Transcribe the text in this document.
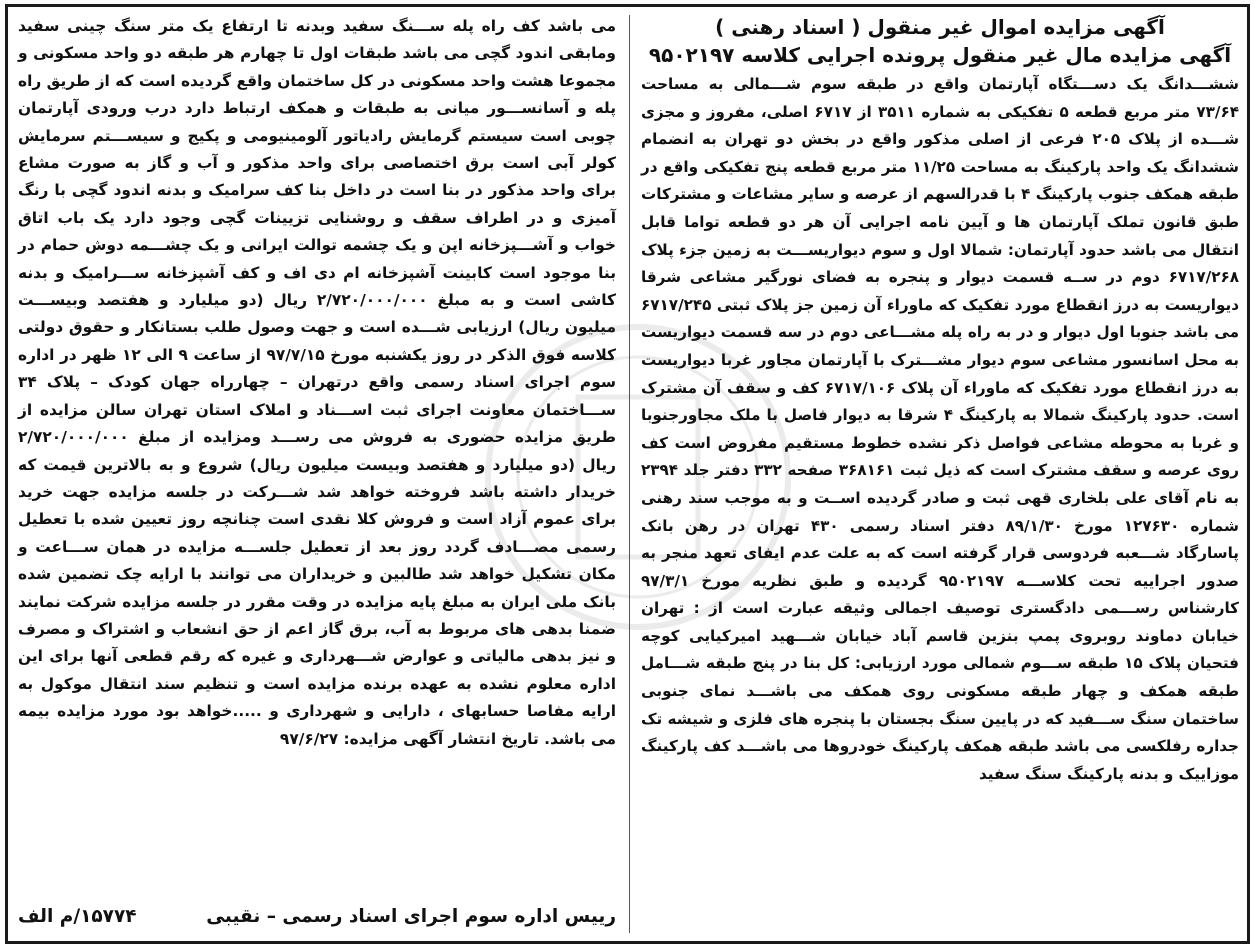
آگهی مزایده اموال غیر منقول ( اسناد رهنی )
آگهی مزایده مال غیر منقول پرونده اجرایی کلاسه ۹۵۰۲۱۹۷

ششـــدانگ یک دســـتگاه آپارتمان واقع در طبقه سوم شـــمالی به مساحت ۷۳/۶۴ متر مربع قطعه ۵ تفکیکی به شماره ۳۵۱۱ از ۶۷۱۷ اصلی، مفروز و مجزی شـــده از پلاک ۲۰۵ فرعی از اصلی مذکور واقع در بخش دو تهران به انضمام ششدانگ یک واحد پارکینگ به مساحت ۱۱/۲۵ متر مربع قطعه پنج تفکیکی واقع در طبقه همکف جنوب پارکینگ ۴ با قدرالسهم از عرصه و سایر مشاعات و مشترکات طبق قانون تملک آپارتمان ها و آیین نامه اجرایی آن هر دو قطعه تواما قابل انتقال می باشد حدود آپارتمان: شمالا اول و سوم دیواریســـت به زمین جزء پلاک ۶۷۱۷/۲۶۸ دوم در ســه قسمت دیوار و پنجره به فضای نورگیر مشاعی شرقا دیواریست به درز انقطاع مورد تفکیک که ماوراء آن زمین جز پلاک ثبتی ۶۷۱۷/۲۴۵ می باشد جنوبا اول دیوار و در به راه پله مشـــاعی دوم در سه قسمت دیواریست به محل اسانسور مشاعی سوم دیوار مشـــترک با آپارتمان مجاور غربا دیواریست به درز انقطاع مورد تفکیک که ماوراء آن پلاک ۶۷۱۷/۱۰۶ کف و سقف آن مشترک است. حدود پارکینگ شمالا به پارکینگ ۴ شرقا به دیوار فاصل با ملک مجاورجنوبا و غربا به محوطه مشاعی فواصل ذکر نشده خطوط مستقیم مفروض است کف روی عرصه و سقف مشترک است که ذیل ثبت ۳۶۸۱۶۱ صفحه ۳۳۲ دفتر جلد ۲۳۹۴ به نام آقای علی بلخاری قهی ثبت و صادر گردیده اســت و به موجب سند رهنی شماره ۱۲۷۶۳۰ مورخ ۸۹/۱/۳۰ دفتر اسناد رسمی ۴۳۰ تهران در رهن بانک پاسارگاد شـــعبه فردوسی قرار گرفته است که به علت عدم ایفای تعهد منجر به صدور اجراییه تحت کلاســـه ۹۵۰۲۱۹۷ گردیده و طبق نظریه مورخ ۹۷/۳/۱ کارشناس رســـمی دادگستری توصیف اجمالی وثیقه عبارت است از : تهران خیابان دماوند روبروی پمپ بنزین قاسم آباد خیابان شـــهید امیرکیایی کوچه فتحیان پلاک ۱۵ طبقه ســـوم شمالی مورد ارزیابی: کل بنا در پنج طبقه شـــامل طبقه همکف و چهار طبقه مسکونی روی همکف می باشـــد نمای جنوبی ساختمان سنگ ســـفید که در پایین سنگ بجستان با پنجره های فلزی و شیشه تک جداره رفلکسی می باشد طبقه همکف پارکینگ خودروها می باشـــد کف پارکینگ موزاییک و بدنه پارکینگ سنگ سفید

می باشد کف راه پله ســـنگ سفید وبدنه تا ارتفاع یک متر سنگ چینی سفید ومابقی اندود گچی می باشد طبقات اول تا چهارم هر طبقه دو واحد مسکونی و مجموعا هشت واحد مسکونی در کل ساختمان واقع گردیده است که از طریق راه پله و آسانســـور میانی به طبقات و همکف ارتباط دارد درب ورودی آپارتمان چوبی است سیستم گرمایش رادیاتور آلومینیومی و پکیج و سیســـتم سرمایش کولر آبی است برق اختصاصی برای واحد مذکور و آب و گاز به صورت مشاع برای واحد مذکور در بنا است در داخل بنا کف سرامیک و بدنه اندود گچی با رنگ آمیزی و در اطراف سقف و روشنایی تزیینات گچی وجود دارد یک باب اتاق خواب و آشـــپزخانه اپن و یک چشمه توالت ایرانی و یک چشـــمه دوش حمام در بنا موجود است کابینت آشپزخانه ام دی اف و کف آشپزخانه ســـرامیک و بدنه کاشی است و به مبلغ ۲/۷۲۰/۰۰۰/۰۰۰ ریال (دو میلیارد و هفتصد وبیســـت میلیون ریال) ارزیابی شـــده است و جهت وصول طلب بستانکار و حقوق دولتی کلاسه فوق الذکر در روز یکشنبه مورخ ۹۷/۷/۱۵ از ساعت ۹ الی ۱۲ ظهر در اداره سوم اجرای اسناد رسمی واقع درتهران – چهارراه جهان کودک – پلاک ۳۴ ســـاختمان معاونت اجرای ثبت اســـناد و املاک استان تهران سالن مزایده از طریق مزایده حضوری به فروش می رســـد ومزایده از مبلغ ۲/۷۲۰/۰۰۰/۰۰۰ ریال (دو میلیارد و هفتصد وبیست میلیون ریال) شروع و به بالاترین قیمت که خریدار داشته باشد فروخته خواهد شد شـــرکت در جلسه مزایده جهت خرید برای عموم آزاد است و فروش کلا نقدی است چنانچه روز تعیین شده با تعطیل رسمی مصـــادف گردد روز بعد از تعطیل جلســـه مزایده در همان ســـاعت و مکان تشکیل خواهد شد طالبین و خریداران می توانند با ارایه چک تضمین شده بانک ملی ایران به مبلغ پایه مزایده در وقت مقرر در جلسه مزایده شرکت نمایند ضمنا بدهی های مربوط به آب، برق گاز اعم از حق انشعاب و اشتراک و مصرف و نیز بدهی مالیاتی و عوارض شـــهرداری و غیره که رقم قطعی آنها برای این اداره معلوم نشده به عهده برنده مزایده است و تنظیم سند انتقال موکول به ارایه مفاصا حسابهای ، دارایی و شهرداری و .....خواهد بود مورد مزایده بیمه می باشد. تاریخ انتشار آگهی مزایده: ۹۷/۶/۲۷

رییس اداره سوم اجرای اسناد رسمی – نقیبی
۱۵۷۷۴/م الف
